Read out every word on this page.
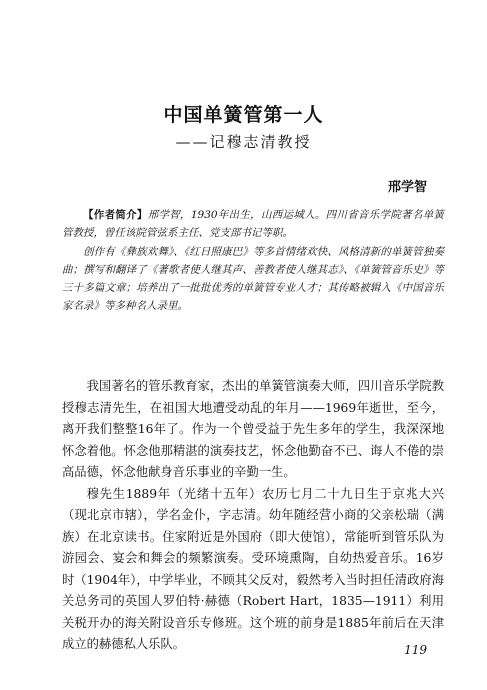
中国单簧管第一人
——记穆志清教授
邢学智

【作者简介】邢学智，1930年出生，山西运城人。四川省音乐学院著名单簧管教授，曾任该院管弦系主任、党支部书记等职。

创作有《彝族欢舞》、《红日照康巴》等多首情绪欢快、风格清新的单簧管独奏曲；撰写和翻译了《著歌者使人继其声、善教者使人继其志》、《单簧管音乐史》等三十多篇文章；培养出了一批批优秀的单簧管专业人才；其传略被辑入《中国音乐家名录》等多种名人录里。

我国著名的管乐教育家，杰出的单簧管演奏大师，四川音乐学院教授穆志清先生，在祖国大地遭受动乱的年月——1969年逝世，至今，离开我们整整16年了。作为一个曾受益于先生多年的学生，我深深地怀念着他。怀念他那精湛的演奏技艺，怀念他勤奋不已、诲人不倦的崇高品德，怀念他献身音乐事业的辛勤一生。

穆先生1889年（光绪十五年）农历七月二十九日生于京兆大兴（现北京市辖），学名金仆，字志清。幼年随经营小商的父亲松瑞（满族）在北京读书。住家附近是外国府（即大使馆），常能听到管乐队为游园会、宴会和舞会的频繁演奏。受环境熏陶，自幼热爱音乐。16岁时（1904年），中学毕业，不顾其父反对，毅然考入当时担任清政府海关总务司的英国人罗伯特·赫德（Robert Hart，1835—1911）利用关税开办的海关附设音乐专修班。这个班的前身是1885年前后在天津成立的赫德私人乐队。	119
